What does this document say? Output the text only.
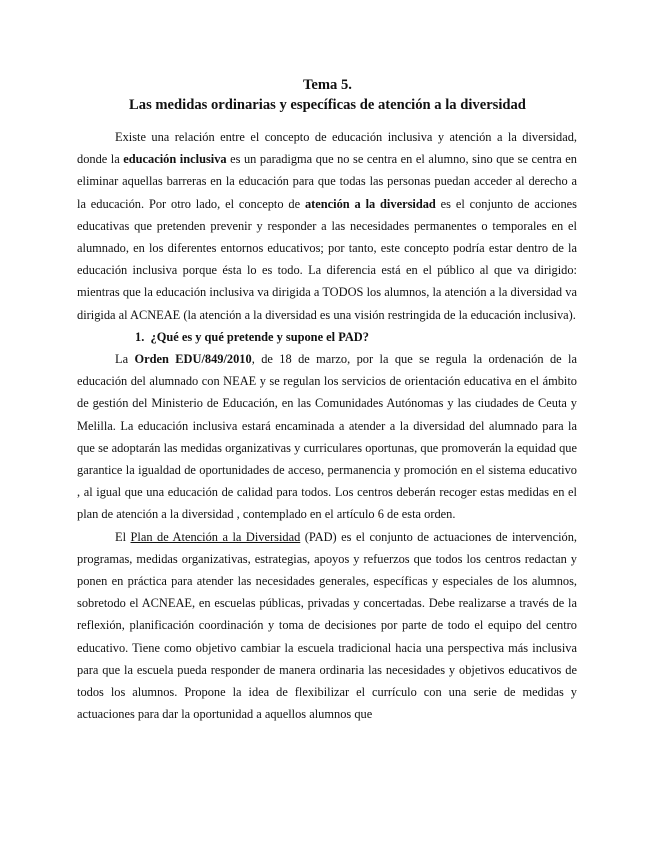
Tema 5.
Las medidas ordinarias y específicas de atención a la diversidad

Existe una relación entre el concepto de educación inclusiva y atención a la diversidad, donde la educación inclusiva es un paradigma que no se centra en el alumno, sino que se centra en eliminar aquellas barreras en la educación para que todas las personas puedan acceder al derecho a la educación. Por otro lado, el concepto de atención a la diversidad es el conjunto de acciones educativas que pretenden prevenir y responder a las necesidades permanentes o temporales en el alumnado, en los diferentes entornos educativos; por tanto, este concepto podría estar dentro de la educación inclusiva porque ésta lo es todo. La diferencia está en el público al que va dirigido: mientras que la educación inclusiva va dirigida a TODOS los alumnos, la atención a la diversidad va dirigida al ACNEAE (la atención a la diversidad es una visión restringida de la educación inclusiva).

1. ¿Qué es y qué pretende y supone el PAD?

La Orden EDU/849/2010, de 18 de marzo, por la que se regula la ordenación de la educación del alumnado con NEAE y se regulan los servicios de orientación educativa en el ámbito de gestión del Ministerio de Educación, en las Comunidades Autónomas y las ciudades de Ceuta y Melilla. La educación inclusiva estará encaminada a atender a la diversidad del alumnado para la que se adoptarán las medidas organizativas y curriculares oportunas, que promoverán la equidad que garantice la igualdad de oportunidades de acceso, permanencia y promoción en el sistema educativo , al igual que una educación de calidad para todos. Los centros deberán recoger estas medidas en el plan de atención a la diversidad , contemplado en el artículo 6 de esta orden.

El Plan de Atención a la Diversidad (PAD) es el conjunto de actuaciones de intervención, programas, medidas organizativas, estrategias, apoyos y refuerzos que todos los centros redactan y ponen en práctica para atender las necesidades generales, específicas y especiales de los alumnos, sobretodo el ACNEAE, en escuelas públicas, privadas y concertadas. Debe realizarse a través de la reflexión, planificación coordinación y toma de decisiones por parte de todo el equipo del centro educativo. Tiene como objetivo cambiar la escuela tradicional hacia una perspectiva más inclusiva para que la escuela pueda responder de manera ordinaria las necesidades y objetivos educativos de todos los alumnos. Propone la idea de flexibilizar el currículo con una serie de medidas y actuaciones para dar la oportunidad a aquellos alumnos que
